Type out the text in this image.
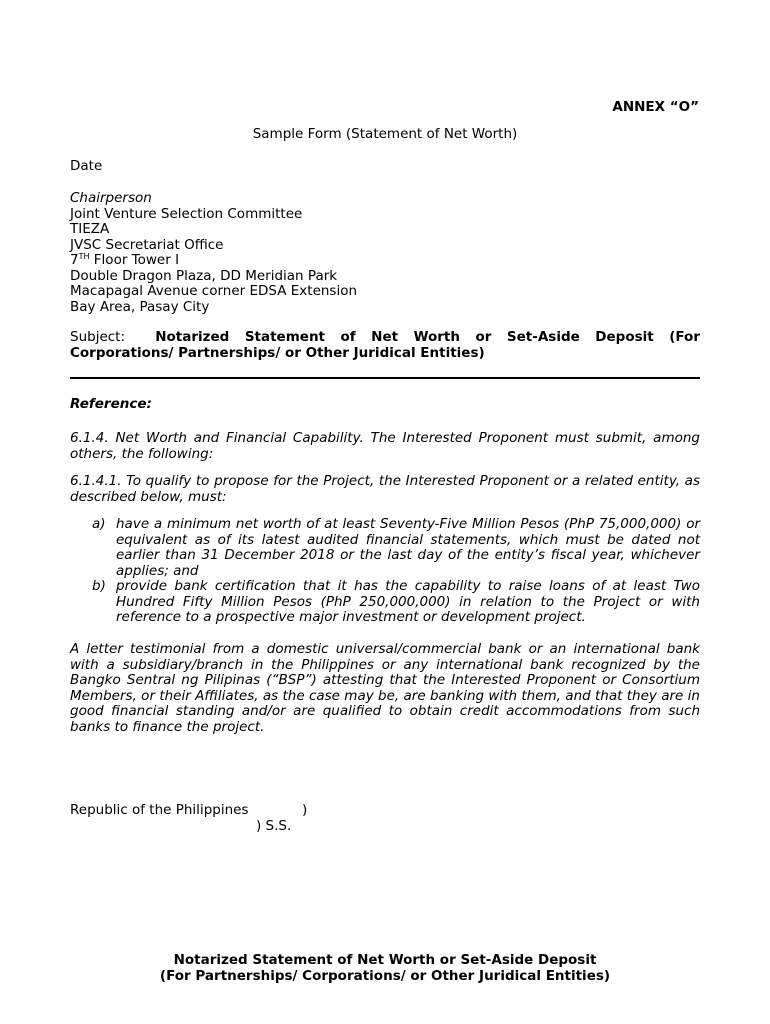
ANNEX “O”
Sample Form (Statement of Net Worth)
Date
Chairperson
Joint Venture Selection Committee
TIEZA
JVSC Secretariat Office
7TH Floor Tower I
Double Dragon Plaza, DD Meridian Park
Macapagal Avenue corner EDSA Extension
Bay Area, Pasay City
Subject: Notarized Statement of Net Worth or Set-Aside Deposit (For Corporations/ Partnerships/ or Other Juridical Entities)
Reference:
6.1.4. Net Worth and Financial Capability. The Interested Proponent must submit, among others, the following:
6.1.4.1. To qualify to propose for the Project, the Interested Proponent or a related entity, as described below, must:
a) have a minimum net worth of at least Seventy-Five Million Pesos (PhP 75,000,000) or equivalent as of its latest audited financial statements, which must be dated not earlier than 31 December 2018 or the last day of the entity’s fiscal year, whichever applies; and
b) provide bank certification that it has the capability to raise loans of at least Two Hundred Fifty Million Pesos (PhP 250,000,000) in relation to the Project or with reference to a prospective major investment or development project.
A letter testimonial from a domestic universal/commercial bank or an international bank with a subsidiary/branch in the Philippines or any international bank recognized by the Bangko Sentral ng Pilipinas (“BSP”) attesting that the Interested Proponent or Consortium Members, or their Affiliates, as the case may be, are banking with them, and that they are in good financial standing and/or are qualified to obtain credit accommodations from such banks to finance the project.
Republic of the Philippines	)
) S.S.
Notarized Statement of Net Worth or Set-Aside Deposit
(For Partnerships/ Corporations/ or Other Juridical Entities)
